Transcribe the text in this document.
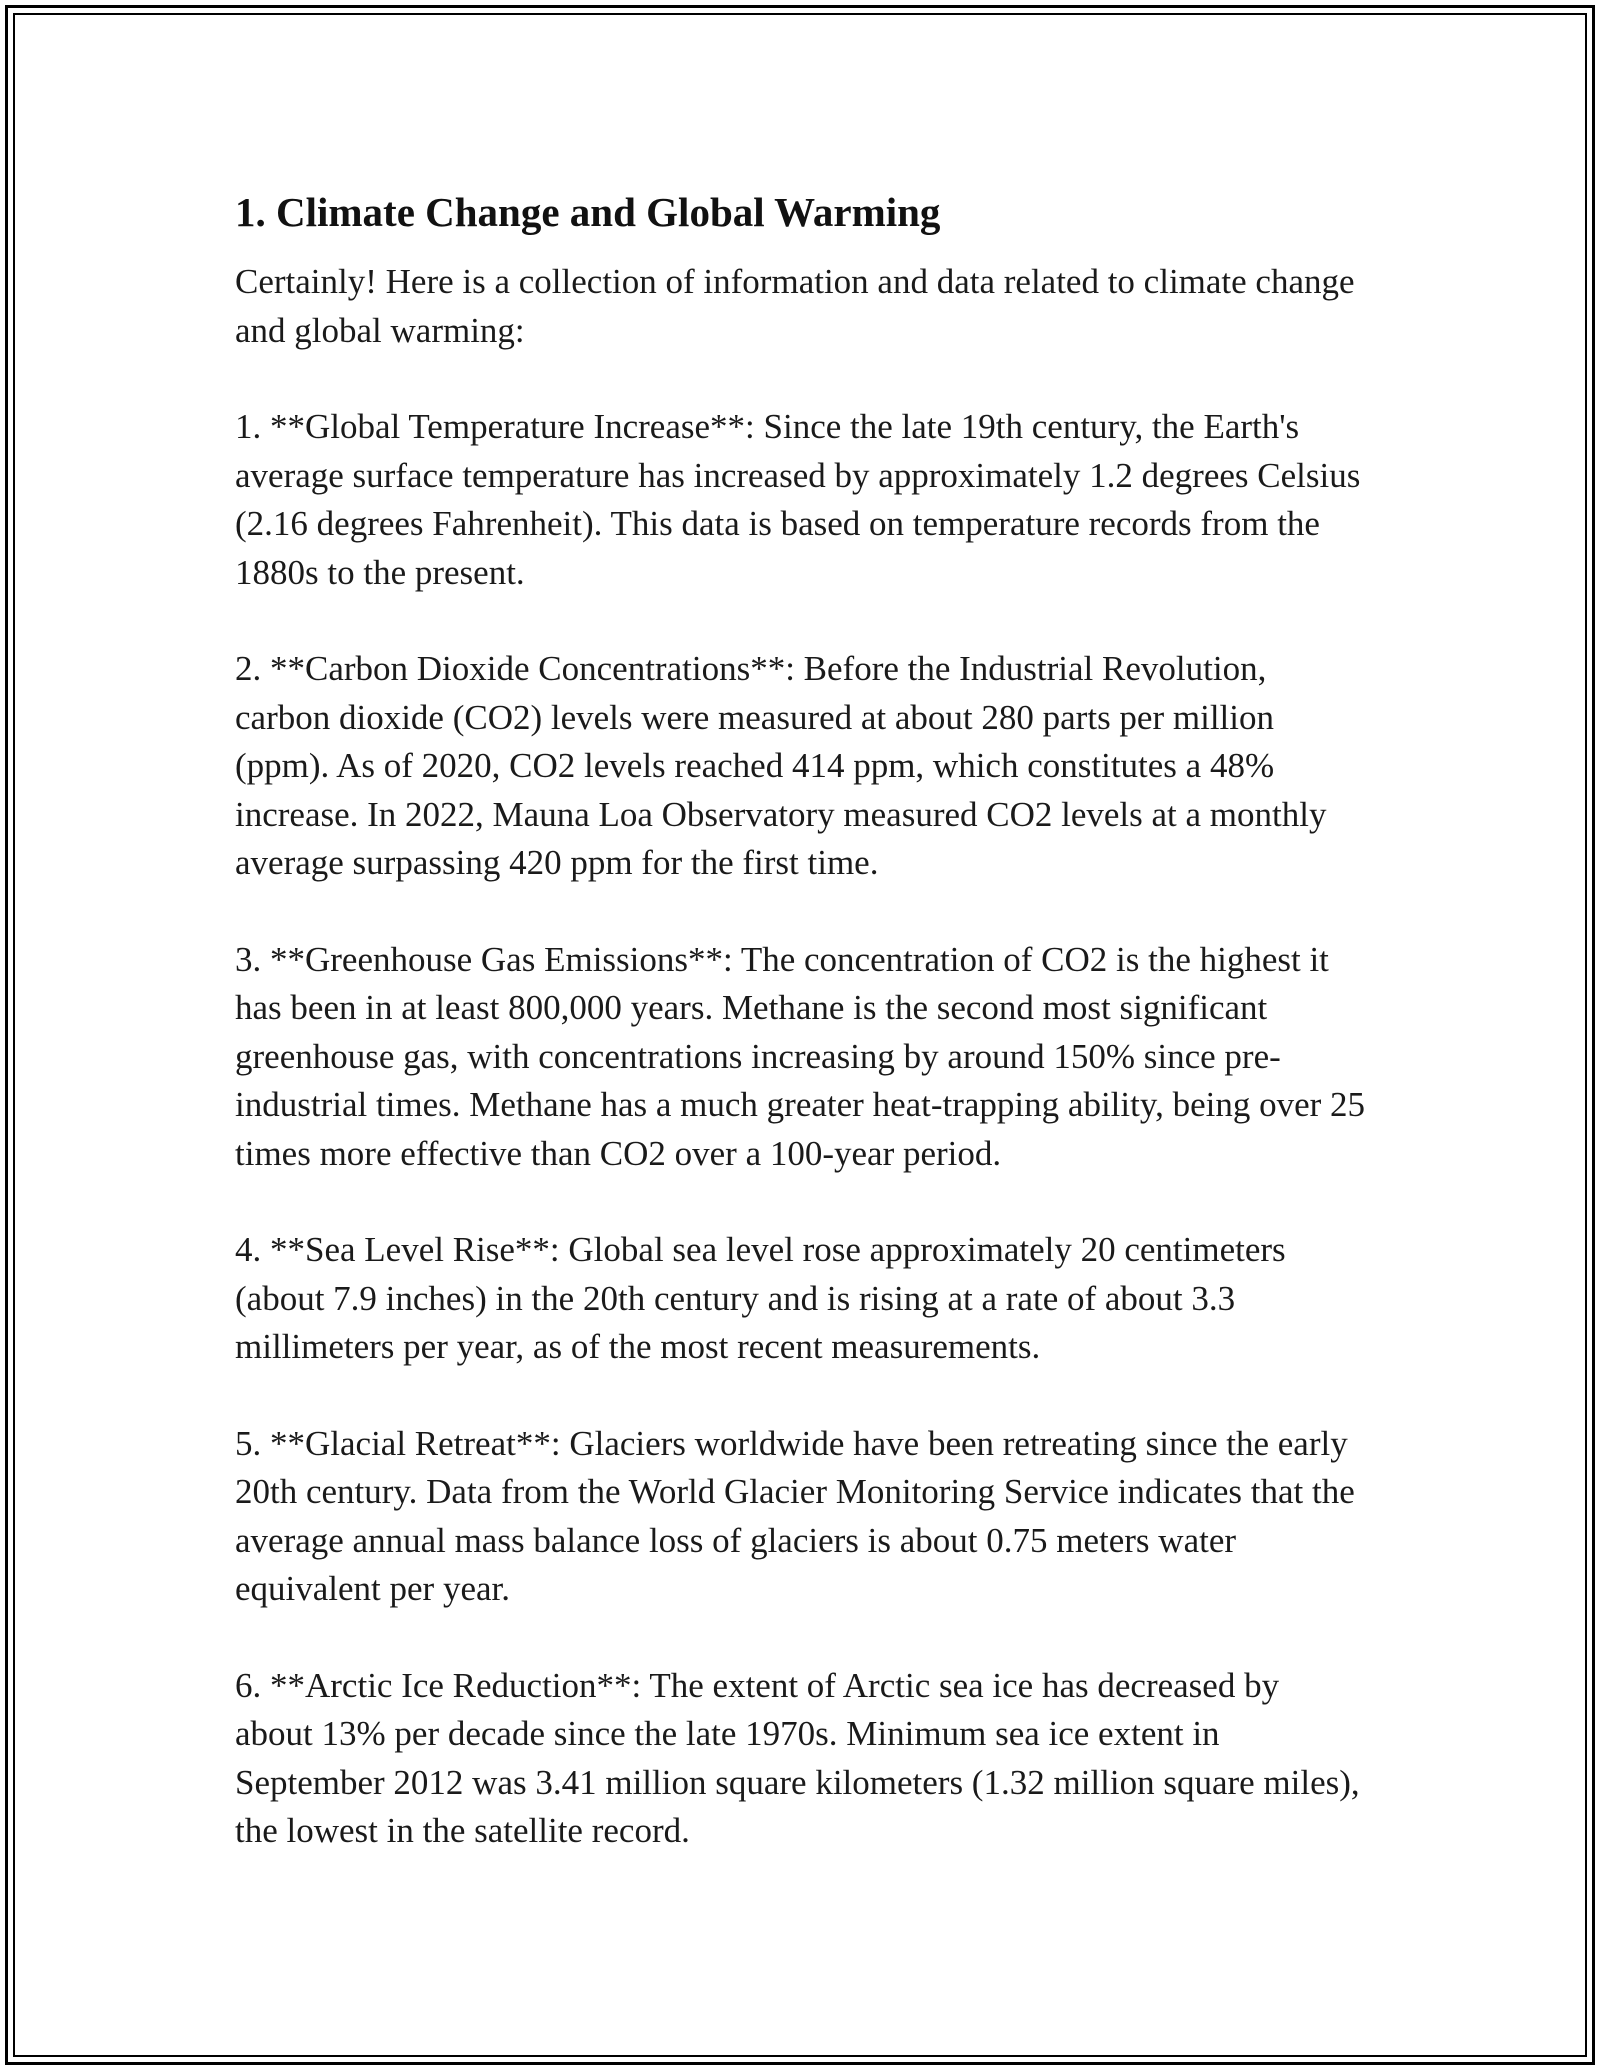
1. Climate Change and Global Warming

Certainly! Here is a collection of information and data related to climate change and global warming:

1. **Global Temperature Increase**: Since the late 19th century, the Earth's average surface temperature has increased by approximately 1.2 degrees Celsius (2.16 degrees Fahrenheit). This data is based on temperature records from the 1880s to the present.

2. **Carbon Dioxide Concentrations**: Before the Industrial Revolution, carbon dioxide (CO2) levels were measured at about 280 parts per million (ppm). As of 2020, CO2 levels reached 414 ppm, which constitutes a 48% increase. In 2022, Mauna Loa Observatory measured CO2 levels at a monthly average surpassing 420 ppm for the first time.

3. **Greenhouse Gas Emissions**: The concentration of CO2 is the highest it has been in at least 800,000 years. Methane is the second most significant greenhouse gas, with concentrations increasing by around 150% since pre-industrial times. Methane has a much greater heat-trapping ability, being over 25 times more effective than CO2 over a 100-year period.

4. **Sea Level Rise**: Global sea level rose approximately 20 centimeters (about 7.9 inches) in the 20th century and is rising at a rate of about 3.3 millimeters per year, as of the most recent measurements.

5. **Glacial Retreat**: Glaciers worldwide have been retreating since the early 20th century. Data from the World Glacier Monitoring Service indicates that the average annual mass balance loss of glaciers is about 0.75 meters water equivalent per year.

6. **Arctic Ice Reduction**: The extent of Arctic sea ice has decreased by about 13% per decade since the late 1970s. Minimum sea ice extent in September 2012 was 3.41 million square kilometers (1.32 million square miles), the lowest in the satellite record.
